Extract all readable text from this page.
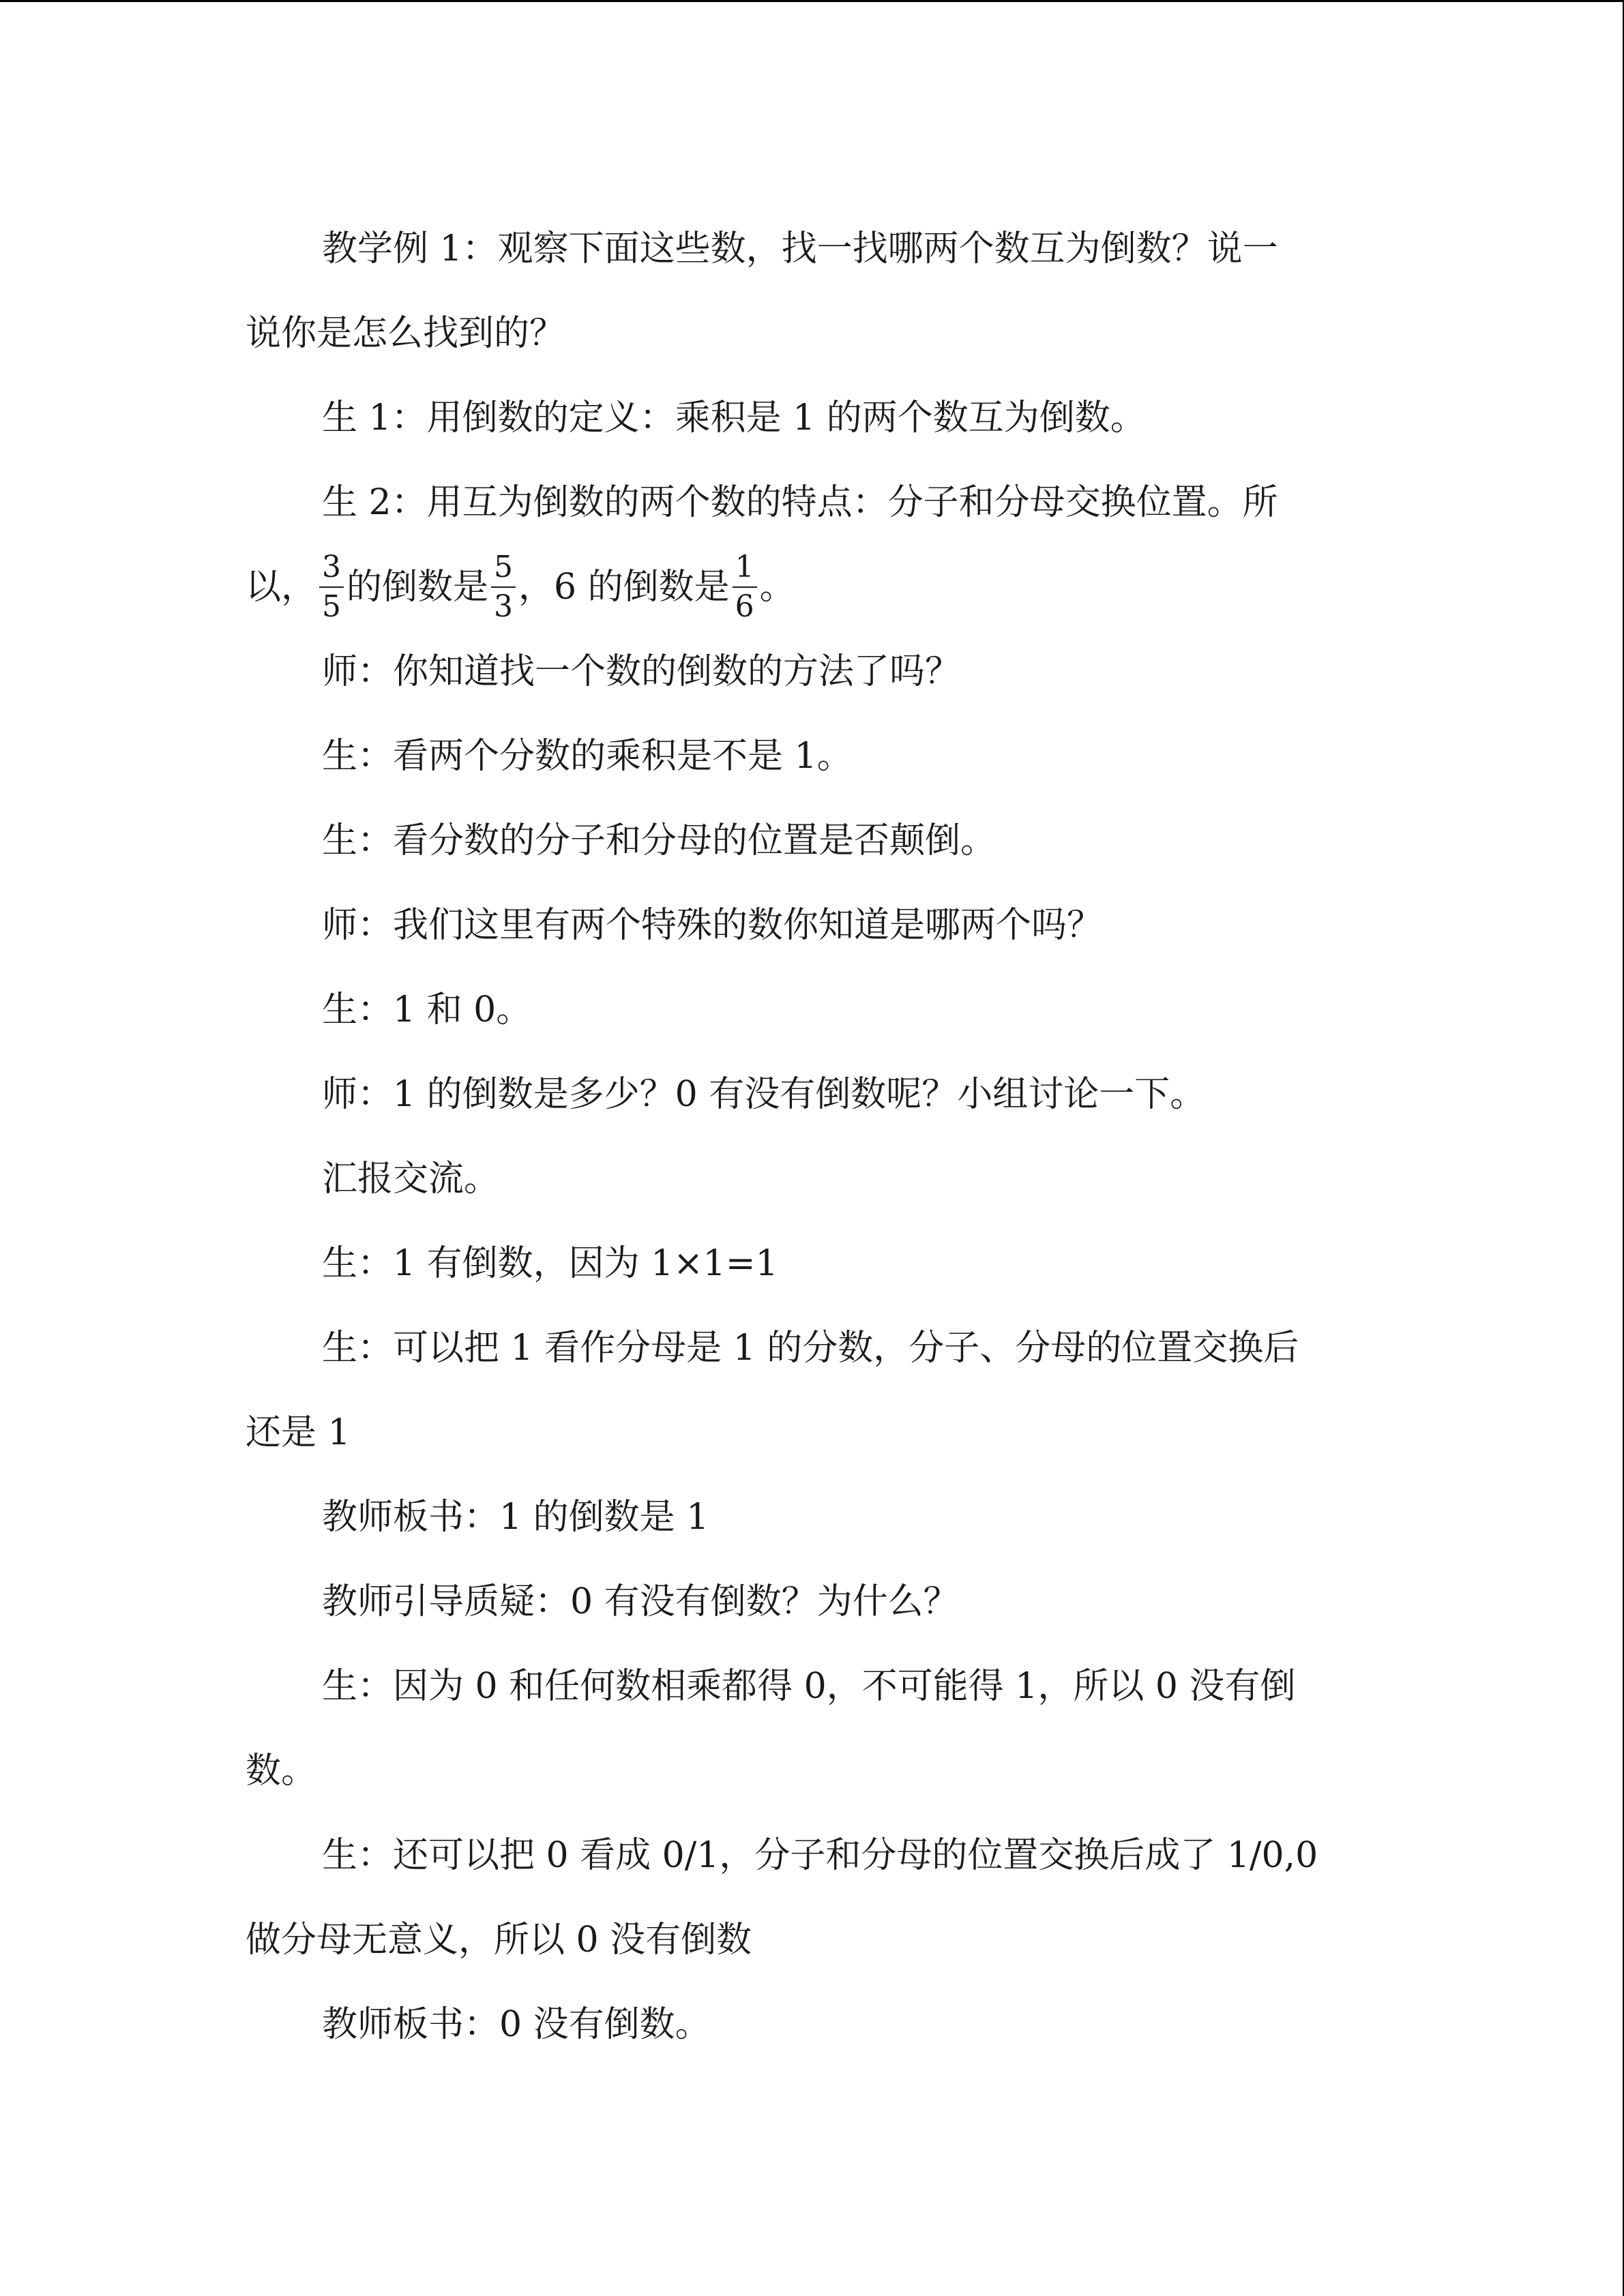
教学例 1：观察下面这些数，找一找哪两个数互为倒数？说一

说你是怎么找到的？

生 1：用倒数的定义：乘积是 1 的两个数互为倒数。

生 2：用互为倒数的两个数的特点：分子和分母交换位置。所

以， $\frac{3}{5}$ 的倒数是 $\frac{5}{3}$ ，6 的倒数是 $\frac{1}{6}$ 。

师：你知道找一个数的倒数的方法了吗？

生：看两个分数的乘积是不是 1。

生：看分数的分子和分母的位置是否颠倒。

师：我们这里有两个特殊的数你知道是哪两个吗？

生：1 和 0。

师：1 的倒数是多少？0 有没有倒数呢？小组讨论一下。

汇报交流。

生：1 有倒数，因为 1×1=1

生：可以把 1 看作分母是 1 的分数，分子、分母的位置交换后

还是 1

教师板书：1 的倒数是 1

教师引导质疑：0 有没有倒数？为什么？

生：因为 0 和任何数相乘都得 0，不可能得 1，所以 0 没有倒

数。

生：还可以把 0 看成 0/1，分子和分母的位置交换后成了 1/0,0

做分母无意义，所以 0 没有倒数

教师板书：0 没有倒数。
